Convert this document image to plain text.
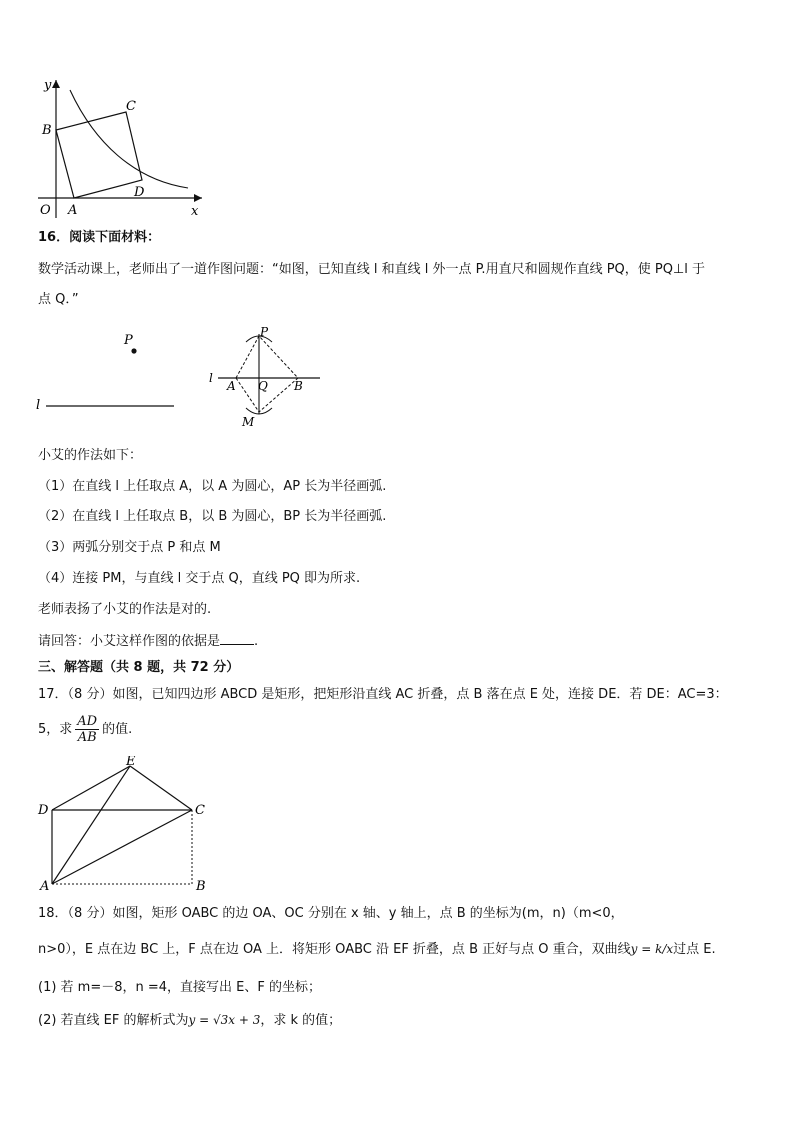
y
x
O A
B
C
D
16．阅读下面材料：
数学活动课上，老师出了一道作图问题：“如图，已知直线 l 和直线 l 外一点 P.用直尺和圆规作直线 PQ，使 PQ⊥l 于
点 Q．”
P
l
l
P
A Q B
M
小艾的作法如下：
（1）在直线 l 上任取点 A，以 A 为圆心，AP 长为半径画弧.
（2）在直线 l 上任取点 B，以 B 为圆心，BP 长为半径画弧.
（3）两弧分别交于点 P 和点 M
（4）连接 PM，与直线 l 交于点 Q，直线 PQ 即为所求.
老师表扬了小艾的作法是对的.
请回答：小艾这样作图的依据是	.
三、解答题（共 8 题，共 72 分）
17．（8 分）如图，已知四边形 ABCD 是矩形，把矩形沿直线 AC 折叠，点 B 落在点 E 处，连接 DE．若 DE：AC=3：
5，求 $\frac{AD}{AB}$ 的值.
E
D	C
A	B
18．（8 分）如图，矩形 OABC 的边 OA、OC 分别在 x 轴、y 轴上，点 B 的坐标为(m，n)（m<0，
n>0），E 点在边 BC 上，F 点在边 OA 上．将矩形 OABC 沿 EF 折叠，点 B 正好与点 O 重合，双曲线y = k/x过点 E.
(1) 若 m=－8，n =4，直接写出 E、F 的坐标；
(2) 若直线 EF 的解析式为y = √3x + 3，求 k 的值；
